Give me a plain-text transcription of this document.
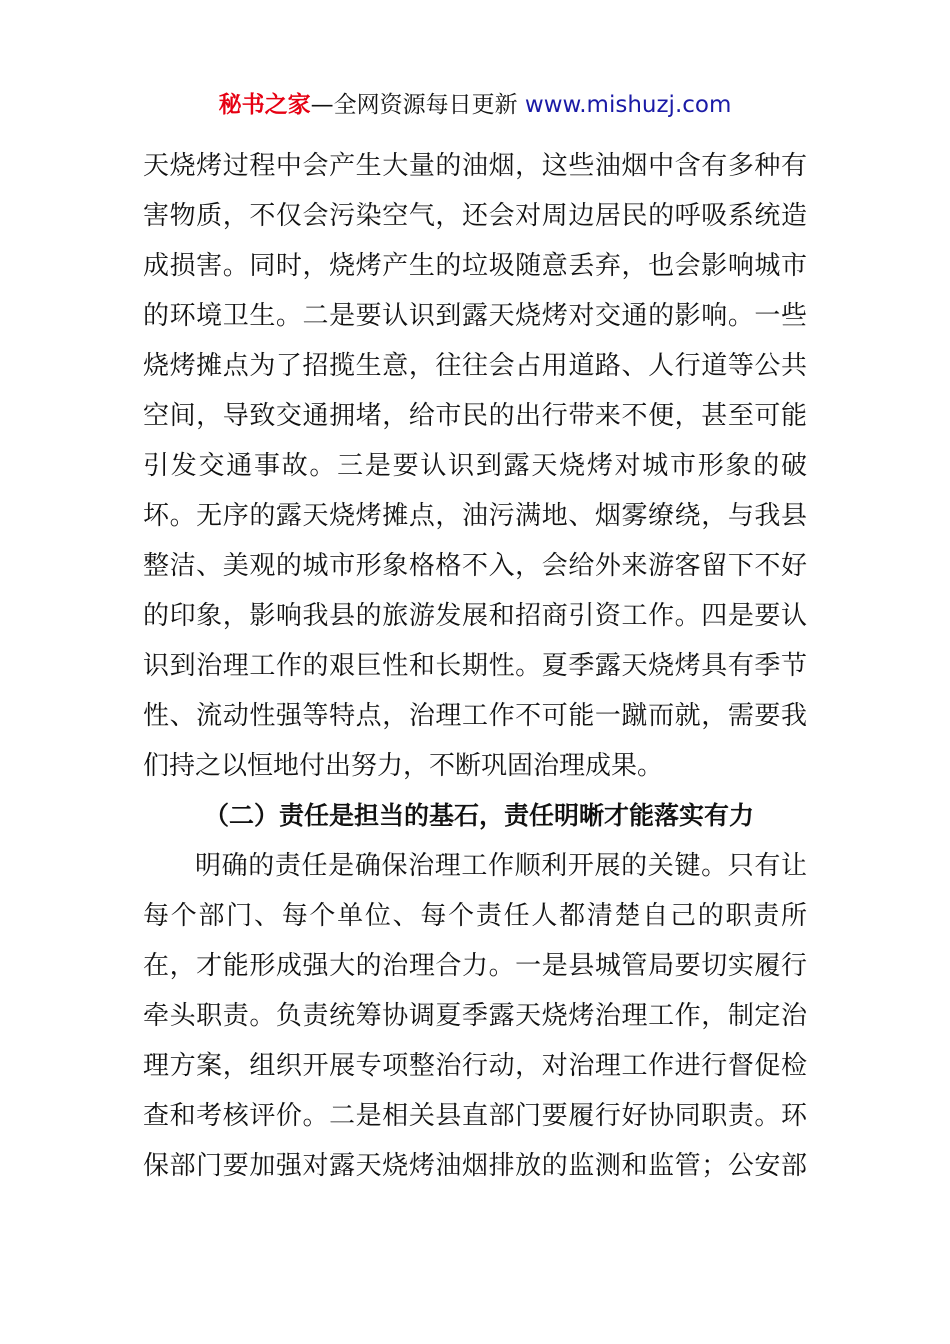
秘书之家—全网资源每日更新 www.mishuzj.com
天烧烤过程中会产生大量的油烟，这些油烟中含有多种有
害物质，不仅会污染空气，还会对周边居民的呼吸系统造
成损害。同时，烧烤产生的垃圾随意丢弃，也会影响城市
的环境卫生。二是要认识到露天烧烤对交通的影响。一些
烧烤摊点为了招揽生意，往往会占用道路、人行道等公共
空间，导致交通拥堵，给市民的出行带来不便，甚至可能
引发交通事故。三是要认识到露天烧烤对城市形象的破
坏。无序的露天烧烤摊点，油污满地、烟雾缭绕，与我县
整洁、美观的城市形象格格不入，会给外来游客留下不好
的印象，影响我县的旅游发展和招商引资工作。四是要认
识到治理工作的艰巨性和长期性。夏季露天烧烤具有季节
性、流动性强等特点，治理工作不可能一蹴而就，需要我
们持之以恒地付出努力，不断巩固治理成果。
（二）责任是担当的基石，责任明晰才能落实有力
明确的责任是确保治理工作顺利开展的关键。只有让
每个部门、每个单位、每个责任人都清楚自己的职责所
在，才能形成强大的治理合力。一是县城管局要切实履行
牵头职责。负责统筹协调夏季露天烧烤治理工作，制定治
理方案，组织开展专项整治行动，对治理工作进行督促检
查和考核评价。二是相关县直部门要履行好协同职责。环
保部门要加强对露天烧烤油烟排放的监测和监管；公安部
